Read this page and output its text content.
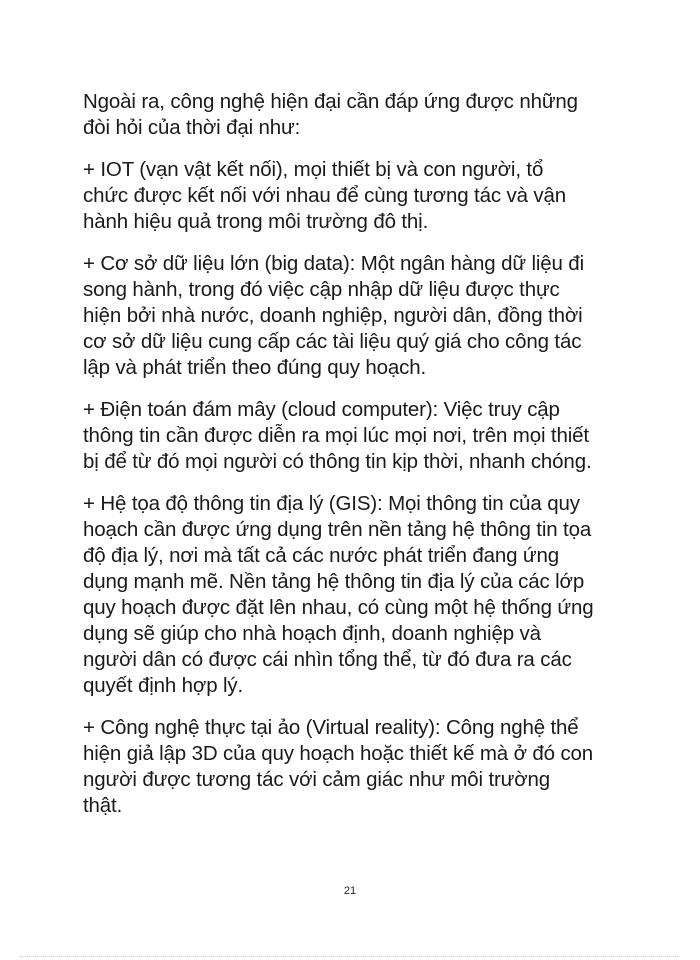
Ngoài ra, công nghệ hiện đại cần đáp ứng được những
đòi hỏi của thời đại như:

+ IOT (vạn vật kết nối), mọi thiết bị và con người, tổ
chức được kết nối với nhau để cùng tương tác và vận
hành hiệu quả trong môi trường đô thị.

+ Cơ sở dữ liệu lớn (big data): Một ngân hàng dữ liệu đi
song hành, trong đó việc cập nhập dữ liệu được thực
hiện bởi nhà nước, doanh nghiệp, người dân, đồng thời
cơ sở dữ liệu cung cấp các tài liệu quý giá cho công tác
lập và phát triển theo đúng quy hoạch.

+ Điện toán đám mây (cloud computer): Việc truy cập
thông tin cần được diễn ra mọi lúc mọi nơi, trên mọi thiết
bị để từ đó mọi người có thông tin kịp thời, nhanh chóng.

+ Hệ tọa độ thông tin địa lý (GIS): Mọi thông tin của quy
hoạch cần được ứng dụng trên nền tảng hệ thông tin tọa
độ địa lý, nơi mà tất cả các nước phát triển đang ứng
dụng mạnh mẽ. Nền tảng hệ thông tin địa lý của các lớp
quy hoạch được đặt lên nhau, có cùng một hệ thống ứng
dụng sẽ giúp cho nhà hoạch định, doanh nghiệp và
người dân có được cái nhìn tổng thể, từ đó đưa ra các
quyết định hợp lý.

+ Công nghệ thực tại ảo (Virtual reality): Công nghệ thể
hiện giả lập 3D của quy hoạch hoặc thiết kế mà ở đó con
người được tương tác với cảm giác như môi trường
thật.

21
